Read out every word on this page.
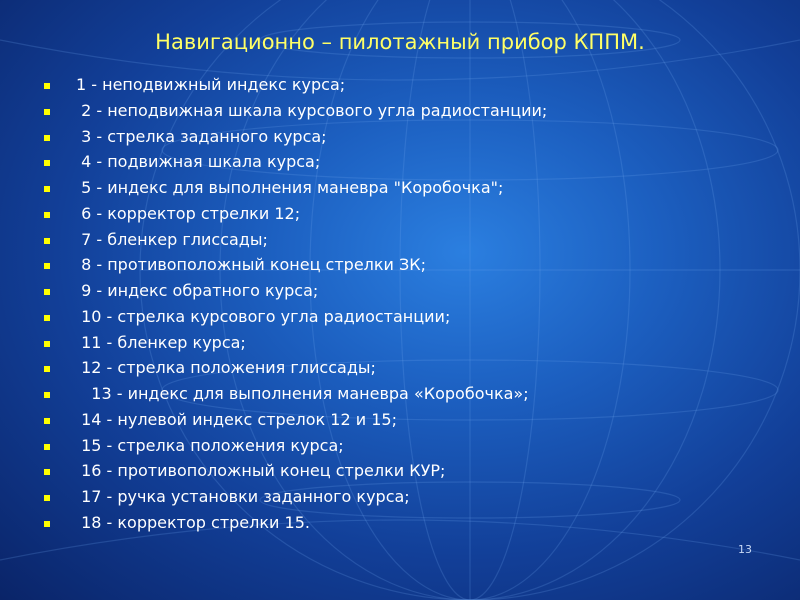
Навигационно – пилотажный прибор КППМ.
1 - неподвижный индекс курса;
2 - неподвижная шкала курсового угла радиостанции;
3 - стрелка заданного курса;
4 - подвижная шкала курса;
5 - индекс для выполнения маневра "Коробочка";
6 - корректор стрелки 12;
7 - бленкер глиссады;
8 - противоположный конец стрелки ЗК;
9 - индекс обратного курса;
10 - стрелка курсового угла радиостанции;
11 - бленкер курса;
12 - стрелка положения глиссады;
13 - индекс для выполнения маневра «Коробочка»;
14 - нулевой индекс стрелок 12 и 15;
15 - стрелка положения курса;
16 - противоположный конец стрелки КУР;
17 - ручка установки заданного курса;
18 - корректор стрелки 15.
13
